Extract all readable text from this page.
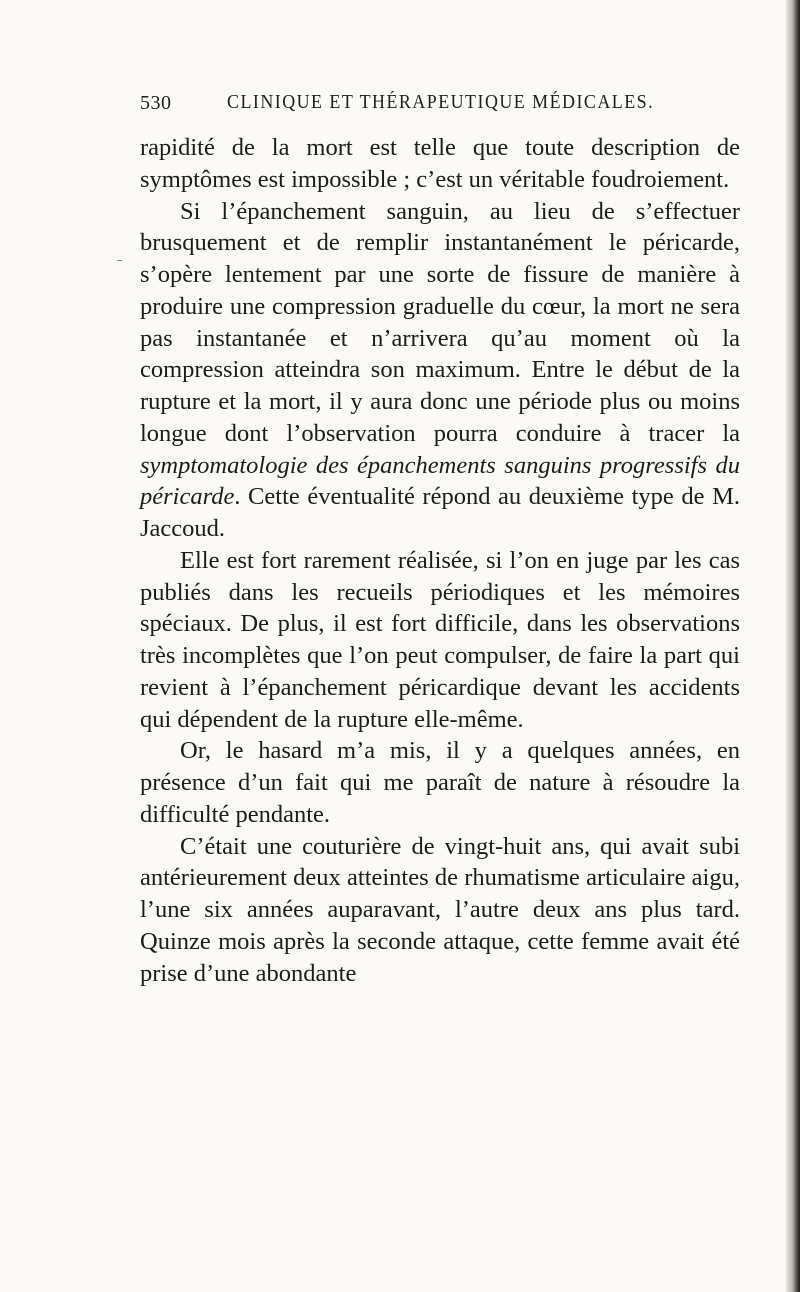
530	CLINIQUE ET THÉRAPEUTIQUE MÉDICALES.

rapidité de la mort est telle que toute description de symptômes est impossible ; c’est un véritable foudroiement.

Si l’épanchement sanguin, au lieu de s’effectuer brusquement et de remplir instantanément le péricarde, s’opère lentement par une sorte de fissure de manière à produire une compression graduelle du cœur, la mort ne sera pas instantanée et n’arrivera qu’au moment où la compression atteindra son maximum. Entre le début de la rupture et la mort, il y aura donc une période plus ou moins longue dont l’observation pourra conduire à tracer la symptomatologie des épanchements sanguins progressifs du péricarde. Cette éventualité répond au deuxième type de M. Jaccoud.

Elle est fort rarement réalisée, si l’on en juge par les cas publiés dans les recueils périodiques et les mémoires spéciaux. De plus, il est fort difficile, dans les observations très incomplètes que l’on peut compulser, de faire la part qui revient à l’épanchement péricardique devant les accidents qui dépendent de la rupture elle-même.

Or, le hasard m’a mis, il y a quelques années, en présence d’un fait qui me paraît de nature à résoudre la difficulté pendante.

C’était une couturière de vingt-huit ans, qui avait subi antérieurement deux atteintes de rhumatisme articulaire aigu, l’une six années auparavant, l’autre deux ans plus tard. Quinze mois après la seconde attaque, cette femme avait été prise d’une abondante
